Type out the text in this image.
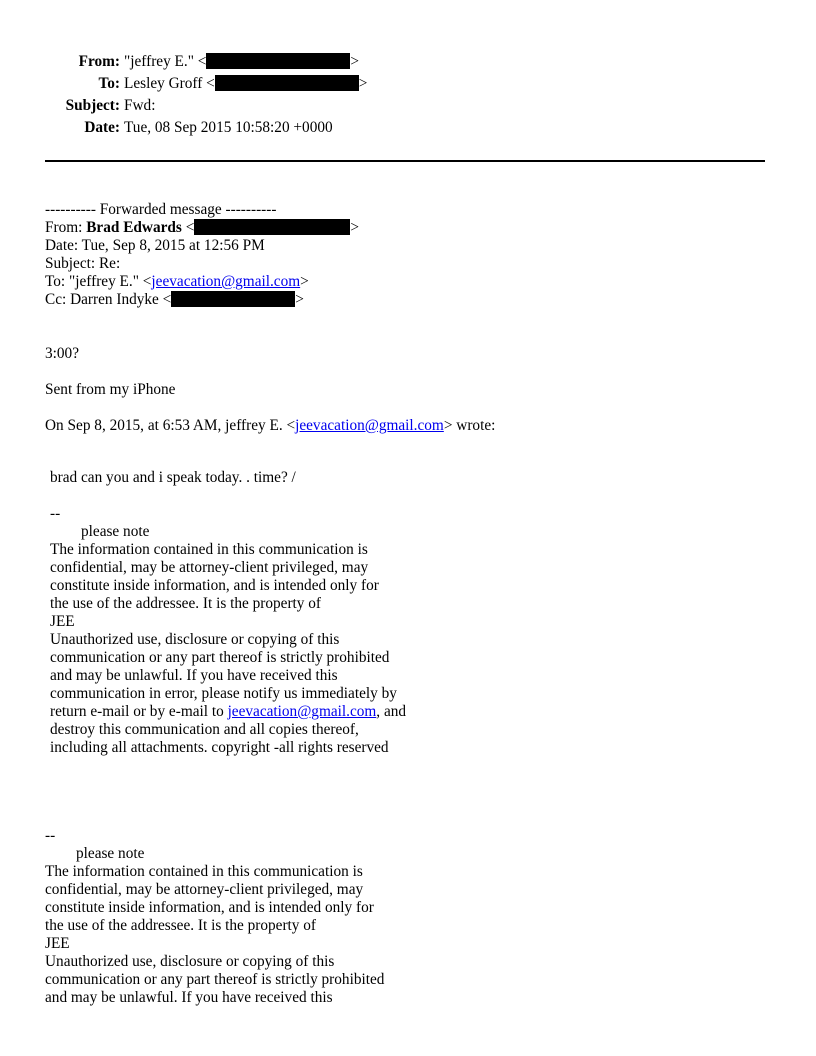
From: "jeffrey E." <	>
To: Lesley Groff <	>
Subject: Fwd:
Date: Tue, 08 Sep 2015 10:58:20 +0000
---------- Forwarded message ----------
From: Brad Edwards <	>
Date: Tue, Sep 8, 2015 at 12:56 PM
Subject: Re:
To: "jeffrey E." <jeevacation@gmail.com>
Cc: Darren Indyke <	>
3:00?
Sent from my iPhone
On Sep 8, 2015, at 6:53 AM, jeffrey E. <jeevacation@gmail.com> wrote:
brad can you and i speak today. . time? /
--
please note
The information contained in this communication is
confidential, may be attorney-client privileged, may
constitute inside information, and is intended only for
the use of the addressee. It is the property of
JEE
Unauthorized use, disclosure or copying of this
communication or any part thereof is strictly prohibited
and may be unlawful. If you have received this
communication in error, please notify us immediately by
return e-mail or by e-mail to jeevacation@gmail.com, and
destroy this communication and all copies thereof,
including all attachments. copyright -all rights reserved
--
please note
The information contained in this communication is
confidential, may be attorney-client privileged, may
constitute inside information, and is intended only for
the use of the addressee. It is the property of
JEE
Unauthorized use, disclosure or copying of this
communication or any part thereof is strictly prohibited
and may be unlawful. If you have received this
